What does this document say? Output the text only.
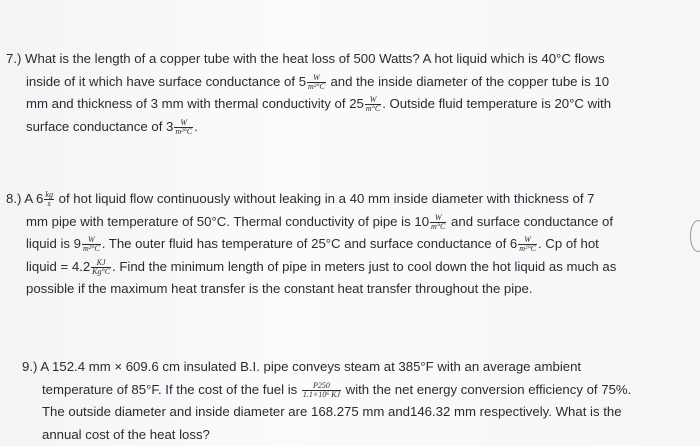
7.) What is the length of a copper tube with the heat loss of 500 Watts? A hot liquid which is 40°C flows
inside of it which have surface conductance of $5 \frac{W}{\text{m²°C}}$ and the inside diameter of the copper tube is 10
mm and thickness of 3 mm with thermal conductivity of $25 \frac{W}{m^\circ C}$ . Outside fluid temperature is 20°C with
surface conductance of $3 \frac{W}{\text{m²°C}}$ .
8.) A $6 \frac{kg}{s}$ of hot liquid flow continuously without leaking in a 40 mm inside diameter with thickness of 7
mm pipe with temperature of 50°C. Thermal conductivity of pipe is $10 \frac{W}{m^\circ C}$ and surface conductance of
liquid is $9 \frac{W}{\text{m²°C}}$ . The outer fluid has temperature of 25°C and surface conductance of $6 \frac{W}{\text{m²°C}}$ . Cp of hot
liquid = $4.2 \frac{KJ}{Kg^\circ C}$ . Find the minimum length of pipe in meters just to cool down the hot liquid as much as
possible if the maximum heat transfer is the constant heat transfer throughout the pipe.
9.) A 152.4 mm × 609.6 cm insulated B.I. pipe conveys steam at 385°F with an average ambient
temperature of 85°F. If the cost of the fuel is $\frac{P250}{\text{1.1×10⁶ KJ}}$ with the net energy conversion efficiency of 75%.
The outside diameter and inside diameter are 168.275 mm and146.32 mm respectively. What is the
annual cost of the heat loss?
